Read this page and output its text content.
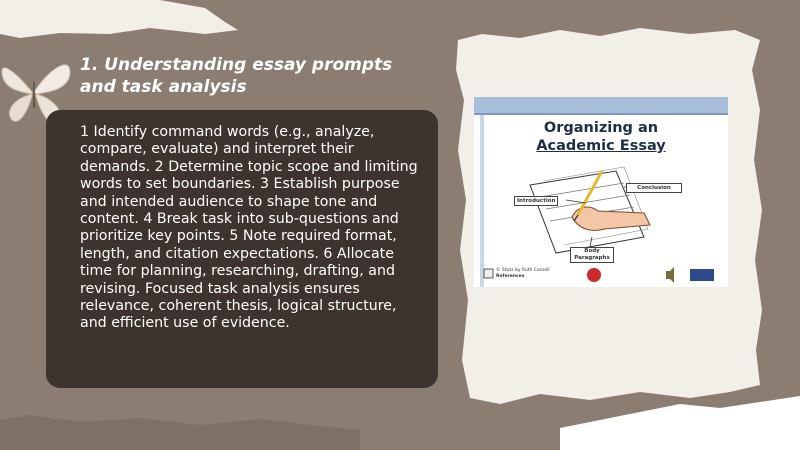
1. Understanding essay prompts and task analysis

1 Identify command words (e.g., analyze, compare, evaluate) and interpret their demands. 2 Determine topic scope and limiting words to set boundaries. 3 Establish purpose and intended audience to shape tone and content. 4 Break task into sub-questions and prioritize key points. 5 Note required format, length, and citation expectations. 6 Allocate time for planning, researching, drafting, and revising. Focused task analysis ensures relevance, coherent thesis, logical structure, and efficient use of evidence.

Organizing an
Academic Essay
Introduction
Conclusion
Body Paragraphs
© Stutz by Ruth Cassell
References
